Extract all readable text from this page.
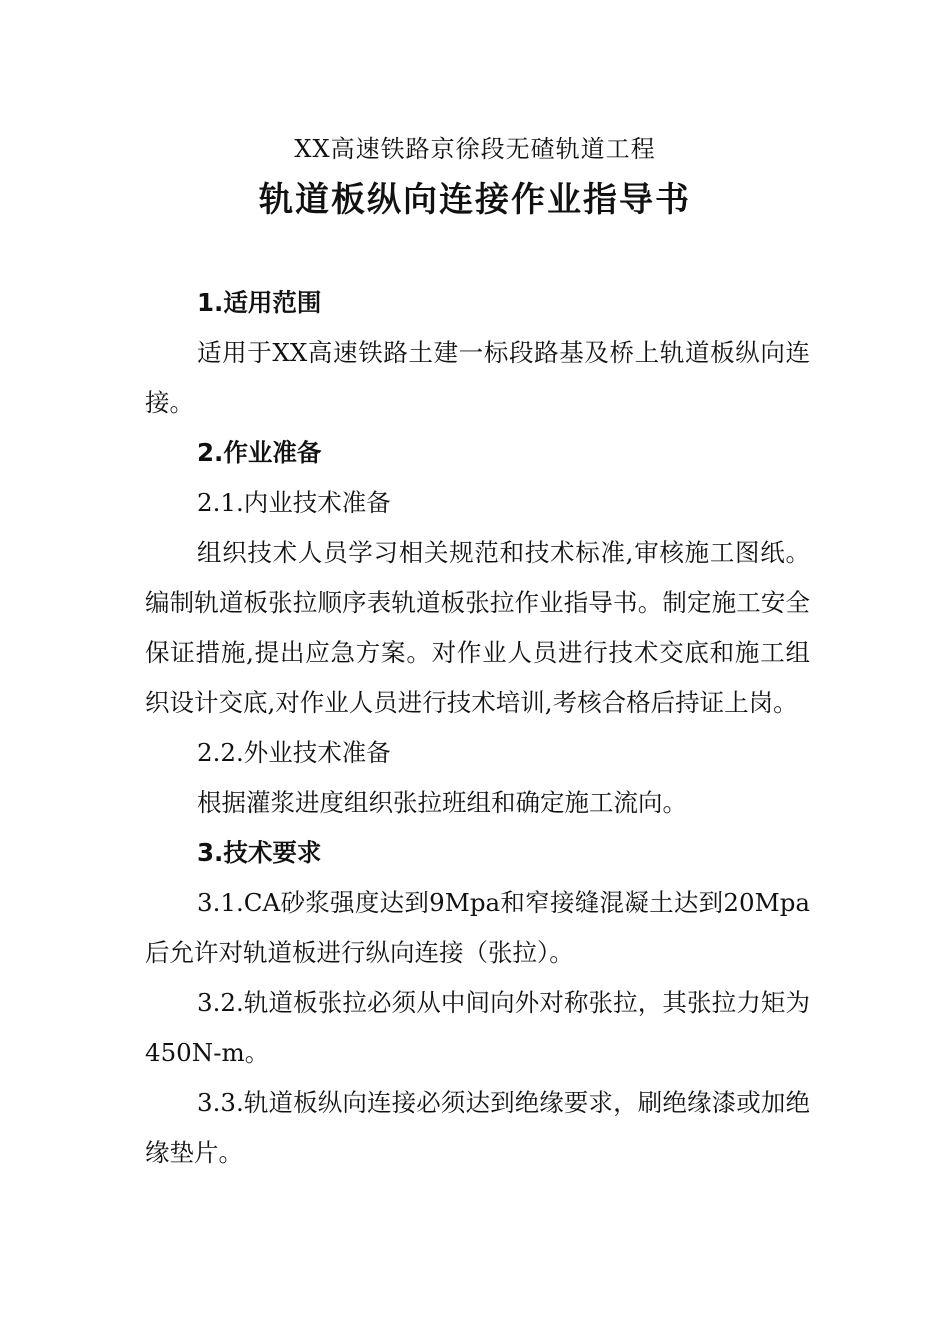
XX高速铁路京徐段无碴轨道工程
轨道板纵向连接作业指导书

1.适用范围

适用于XX高速铁路土建一标段路基及桥上轨道板纵向连接。

2.作业准备

2.1.内业技术准备

组织技术人员学习相关规范和技术标准,审核施工图纸。编制轨道板张拉顺序表轨道板张拉作业指导书。制定施工安全保证措施,提出应急方案。对作业人员进行技术交底和施工组织设计交底,对作业人员进行技术培训,考核合格后持证上岗。

2.2.外业技术准备

根据灌浆进度组织张拉班组和确定施工流向。

3.技术要求

3.1.CA砂浆强度达到9Mpa和窄接缝混凝土达到20Mpa后允许对轨道板进行纵向连接（张拉）。

3.2.轨道板张拉必须从中间向外对称张拉，其张拉力矩为450N-m。

3.3.轨道板纵向连接必须达到绝缘要求，刷绝缘漆或加绝缘垫片。
